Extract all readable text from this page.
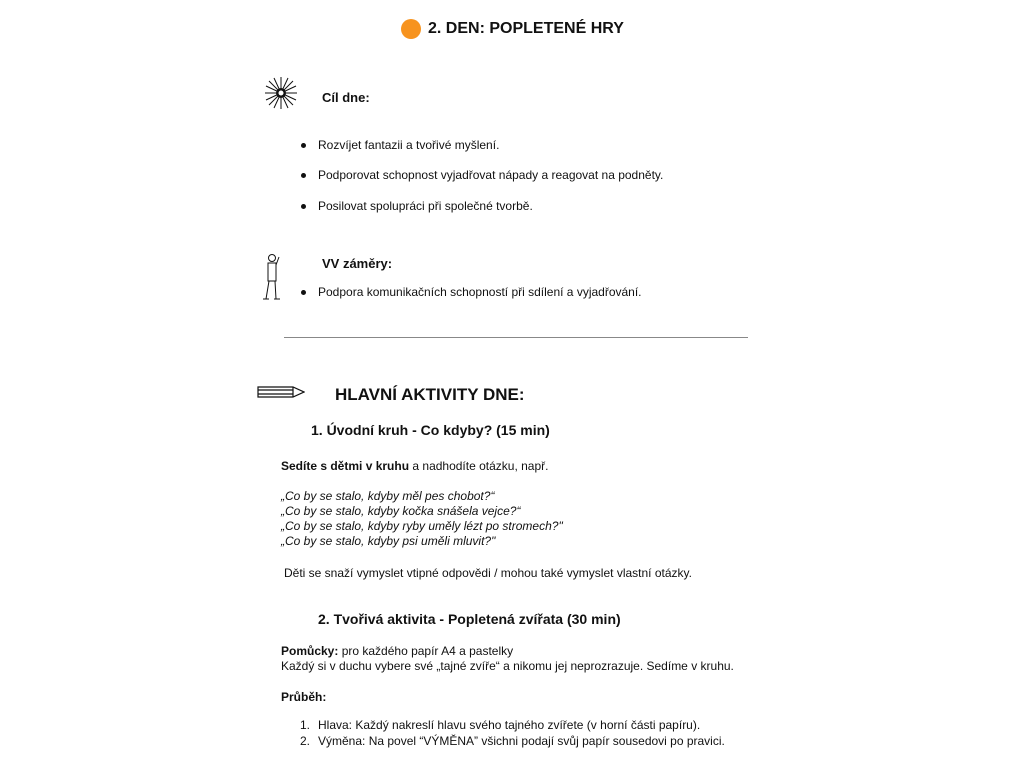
2. DEN: POPLETENÉ HRY
Cíl dne:
Rozvíjet fantazii a tvořivé myšlení.
Podporovat schopnost vyjadřovat nápady a reagovat na podněty.
Posilovat spolupráci při společné tvorbě.
VV záměry:
Podpora komunikačních schopností při sdílení a vyjadřování.
HLAVNÍ AKTIVITY DNE:
1. Úvodní kruh - Co kdyby? (15 min)
Sedíte s dětmi v kruhu a nadhodíte otázku, např.
„Co by se stalo, kdyby měl pes chobot?“
„Co by se stalo, kdyby kočka snášela vejce?“
„Co by se stalo, kdyby ryby uměly lézt po stromech?"
„Co by se stalo, kdyby psi uměli mluvit?"
Děti se snaží vymyslet vtipné odpovědi / mohou také vymyslet vlastní otázky.
2. Tvořivá aktivita - Popletená zvířata (30 min)
Pomůcky: pro každého papír A4 a pastelky
Každý si v duchu vybere své „tajné zvíře“ a nikomu jej neprozrazuje. Sedíme v kruhu.
Průběh:
1. Hlava: Každý nakreslí hlavu svého tajného zvířete (v horní části papíru).
2. Výměna: Na povel “VÝMĚNA” všichni podají svůj papír sousedovi po pravici.
